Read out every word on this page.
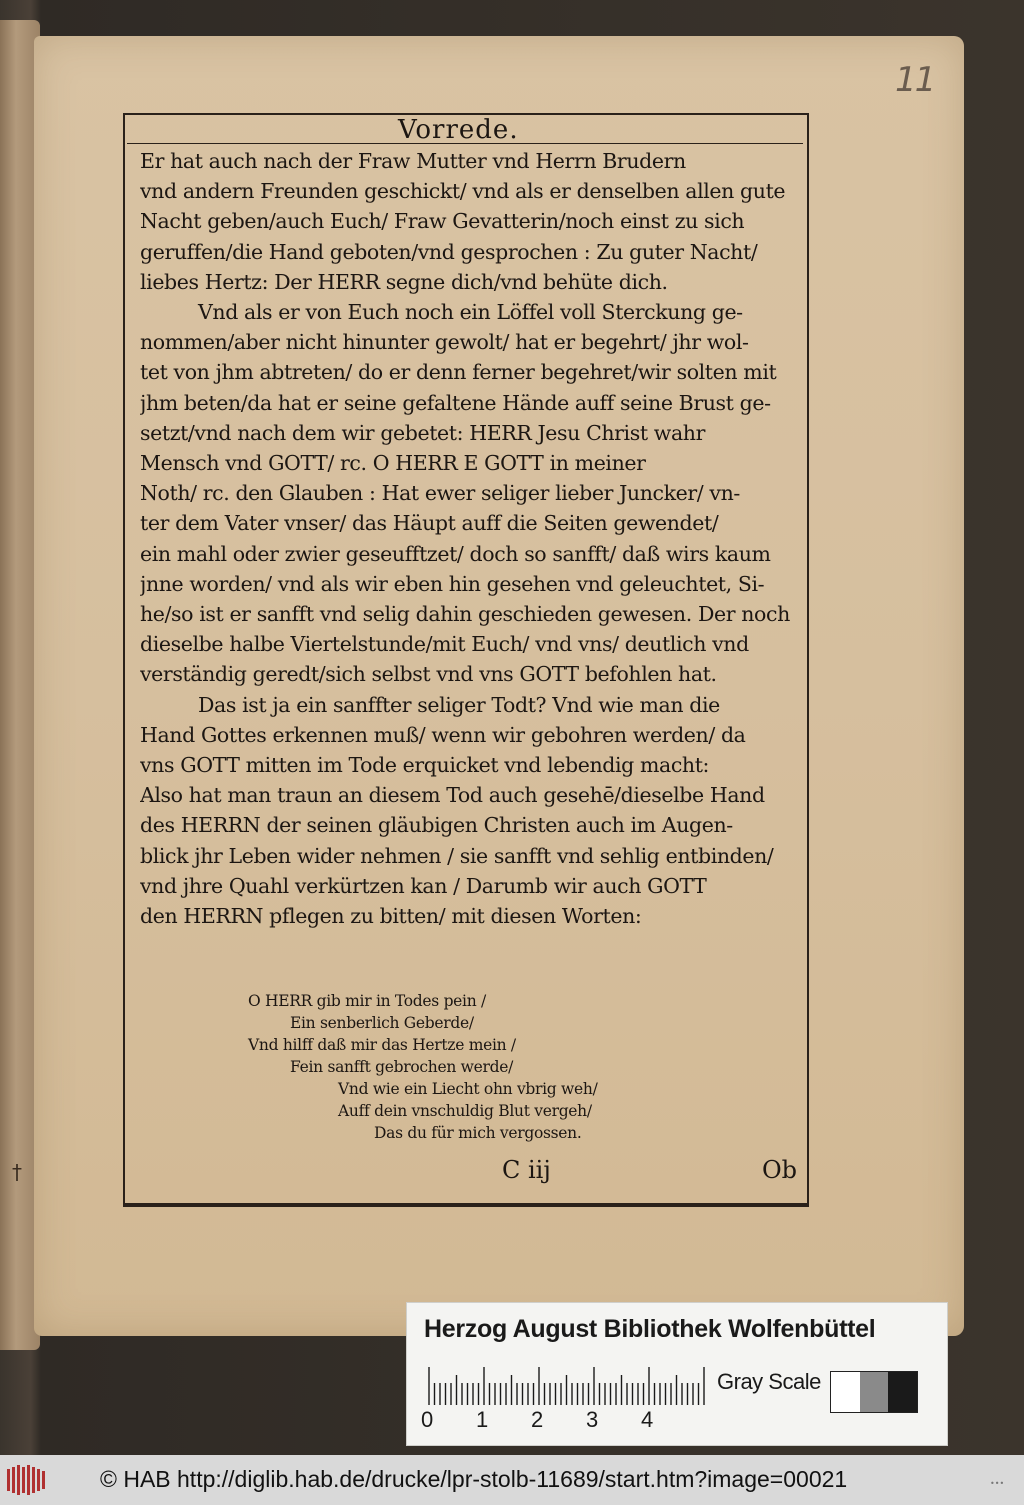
†
11
Vorrede.
Er hat auch nach der Fraw Mutter vnd Herrn Brudern
vnd andern Freunden geschickt/ vnd als er denselben allen gute
Nacht geben/auch Euch/ Fraw Gevatterin/noch einst zu sich
geruffen/die Hand geboten/vnd gesprochen : Zu guter Nacht/
liebes Hertz: Der HERR segne dich/vnd behüte dich.
Vnd als er von Euch noch ein Löffel voll Sterckung ge-
nommen/aber nicht hinunter gewolt/ hat er begehrt/ jhr wol-
tet von jhm abtreten/ do er denn ferner begehret/wir solten mit
jhm beten/da hat er seine gefaltene Hände auff seine Brust ge-
setzt/vnd nach dem wir gebetet: HERR Jesu Christ wahr
Mensch vnd GOTT/ rc. O HERR E GOTT in meiner
Noth/ rc. den Glauben : Hat ewer seliger lieber Juncker/ vn-
ter dem Vater vnser/ das Häupt auff die Seiten gewendet/
ein mahl oder zwier geseufftzet/ doch so sanfft/ daß wirs kaum
jnne worden/ vnd als wir eben hin gesehen vnd geleuchtet, Si-
he/so ist er sanfft vnd selig dahin geschieden gewesen. Der noch
dieselbe halbe Viertelstunde/mit Euch/ vnd vns/ deutlich vnd
verständig geredt/sich selbst vnd vns GOTT befohlen hat.
Das ist ja ein sanffter seliger Todt? Vnd wie man die
Hand Gottes erkennen muß/ wenn wir gebohren werden/ da
vns GOTT mitten im Tode erquicket vnd lebendig macht:
Also hat man traun an diesem Tod auch gesehē/dieselbe Hand
des HERRN der seinen gläubigen Christen auch im Augen-
blick jhr Leben wider nehmen / sie sanfft vnd sehlig entbinden/
vnd jhre Quahl verkürtzen kan / Darumb wir auch GOTT
den HERRN pflegen zu bitten/ mit diesen Worten:
O HERR gib mir in Todes pein /
Ein senberlich Geberde/
Vnd hilff daß mir das Hertze mein /
Fein sanfft gebrochen werde/
Vnd wie ein Liecht ohn vbrig weh/
Auff dein vnschuldig Blut vergeh/
Das du für mich vergossen.
C iij	Ob
Herzog August Bibliothek Wolfenbüttel
0 1 2 3 4
Gray Scale
© HAB http://diglib.hab.de/drucke/lpr-stolb-11689/start.htm?image=00021	•••
